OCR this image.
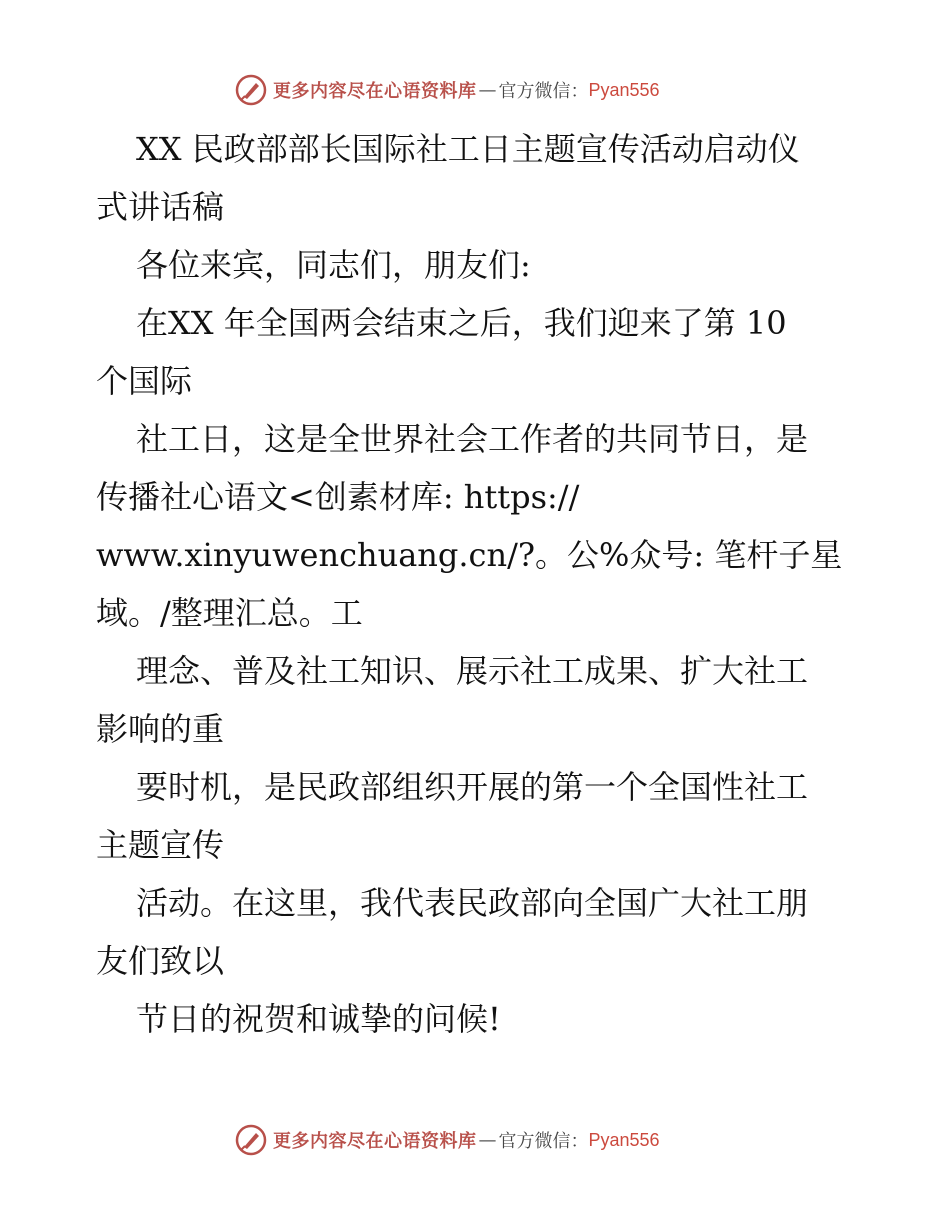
更多内容尽在心语资料库 — 官方微信： Pyan556
XX 民政部部长国际社工日主题宣传活动启动仪
式讲话稿
各位来宾，同志们，朋友们:
在XX 年全国两会结束之后，我们迎来了第 10
个国际
社工日，这是全世界社会工作者的共同节日，是
传播社心语文<创素材库: https://
www.xinyuwenchuang.cn/?。公%众号: 笔杆子星
域。/整理汇总。工
理念、普及社工知识、展示社工成果、扩大社工
影响的重
要时机，是民政部组织开展的第一个全国性社工
主题宣传
活动。在这里，我代表民政部向全国广大社工朋
友们致以
节日的祝贺和诚挚的问候!
更多内容尽在心语资料库 — 官方微信： Pyan556
